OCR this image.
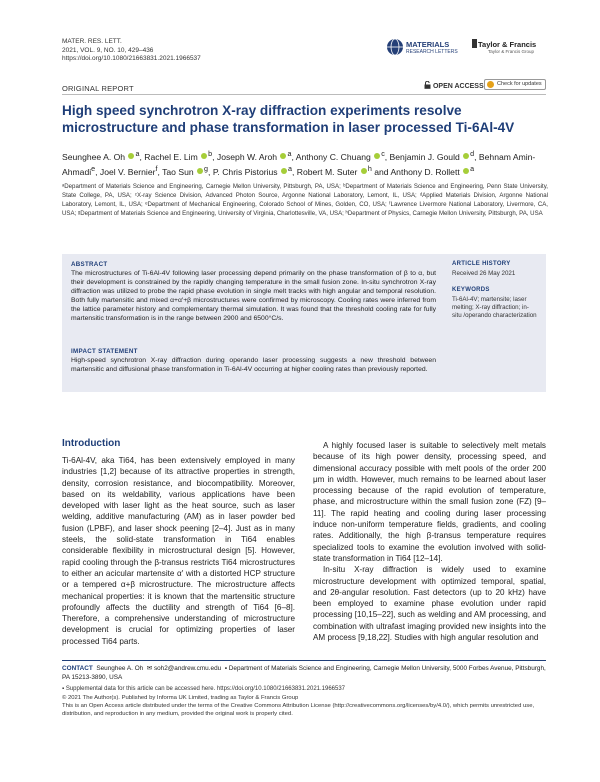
MATER. RES. LETT.
2021, VOL. 9, NO. 10, 429–436
https://doi.org/10.1080/21663831.2021.1966537
MATERIALS
RESEARCH LETTERS
Taylor & Francis
Taylor & Francis Group
ORIGINAL REPORT	OPEN ACCESS	Check for updates
High speed synchrotron X-ray diffraction experiments resolve microstructure and phase transformation in laser processed Ti-6Al-4V
Seunghee A. Oh $^a$, Rachel E. Lim $^b$, Joseph W. Aroh $^a$, Anthony C. Chuang $^c$, Benjamin J. Gould $^d$, Behnam Amin-Ahmadi$^e$, Joel V. Bernier$^f$, Tao Sun $^g$, P. Chris Pistorius $^a$, Robert M. Suter $^h$ and Anthony D. Rollett $^a$
ᵃDepartment of Materials Science and Engineering, Carnegie Mellon University, Pittsburgh, PA, USA; ᵇDepartment of Materials Science and Engineering, Penn State University, State College, PA, USA; ᶜX-ray Science Division, Advanced Photon Source, Argonne National Laboratory, Lemont, IL, USA; ᵈApplied Materials Division, Argonne National Laboratory, Lemont, IL, USA; ᵉDepartment of Mechanical Engineering, Colorado School of Mines, Golden, CO, USA; ᶠLawrence Livermore National Laboratory, Livermore, CA, USA; ᵍDepartment of Materials Science and Engineering, University of Virginia, Charlottesville, VA, USA; ʰDepartment of Physics, Carnegie Mellon University, Pittsburgh, PA, USA
ABSTRACT
The microstructures of Ti-6Al-4V following laser processing depend primarily on the phase transformation of β to α, but their development is constrained by the rapidly changing temperature in the small fusion zone. In-situ synchrotron X-ray diffraction was utilized to probe the rapid phase evolution in single melt tracks with high angular and temporal resolution. Both fully martensitic and mixed α+α′+β microstructures were confirmed by microscopy. Cooling rates were inferred from the lattice parameter history and complementary thermal simulation. It was found that the threshold cooling rate for fully martensitic transformation is in the range between 2900 and 6500°C/s.
IMPACT STATEMENT
High-speed synchrotron X-ray diffraction during operando laser processing suggests a new threshold between martensitic and diffusional phase transformation in Ti-6Al-4V occurring at higher cooling rates than previously reported.
ARTICLE HISTORY
Received 26 May 2021
KEYWORDS
Ti-6Al-4V; martensite; laser melting; X-ray diffraction; in-situ /operando characterization
Introduction

Ti-6Al-4V, aka Ti64, has been extensively employed in many industries [1,2] because of its attractive properties in strength, density, corrosion resistance, and biocompatibility. Moreover, based on its weldability, various applications have been developed with laser light as the heat source, such as laser welding, additive manufacturing (AM) as in laser powder bed fusion (LPBF), and laser shock peening [2–4]. Just as in many steels, the solid-state transformation in Ti64 enables considerable flexibility in microstructural design [5]. However, rapid cooling through the β-transus restricts Ti64 microstructures to either an acicular martensite α′ with a distorted HCP structure or a tempered α+β microstructure. The microstructure affects mechanical properties: it is known that the martensitic structure profoundly affects the ductility and strength of Ti64 [6–8]. Therefore, a comprehensive understanding of microstructure development is crucial for optimizing properties of laser processed Ti64 parts.

A highly focused laser is suitable to selectively melt metals because of its high power density, processing speed, and dimensional accuracy possible with melt pools of the order 200 μm in width. However, much remains to be learned about laser processing because of the rapid evolution of temperature, phase, and microstructure within the small fusion zone (FZ) [9–11]. The rapid heating and cooling during laser processing induce non-uniform temperature fields, gradients, and cooling rates. Additionally, the high β-transus temperature requires specialized tools to examine the evolution involved with solid-state transformation in Ti64 [12–14].

In-situ X-ray diffraction is widely used to examine microstructure development with optimized temporal, spatial, and 2θ-angular resolution. Fast detectors (up to 20 kHz) have been employed to examine phase evolution under rapid processing [10,15–22], such as welding and AM processing, and combination with ultrafast imaging provided new insights into the AM process [9,18,22]. Studies with high angular resolution and

CONTACT Seunghee A. Oh ✉ soh2@andrew.cmu.edu ▪ Department of Materials Science and Engineering, Carnegie Mellon University, 5000 Forbes Avenue, Pittsburgh, PA 15213-3890, USA
▪ Supplemental data for this article can be accessed here. https://doi.org/10.1080/21663831.2021.1966537
© 2021 The Author(s). Published by Informa UK Limited, trading as Taylor & Francis Group
This is an Open Access article distributed under the terms of the Creative Commons Attribution License (http://creativecommons.org/licenses/by/4.0/), which permits unrestricted use, distribution, and reproduction in any medium, provided the original work is properly cited.
